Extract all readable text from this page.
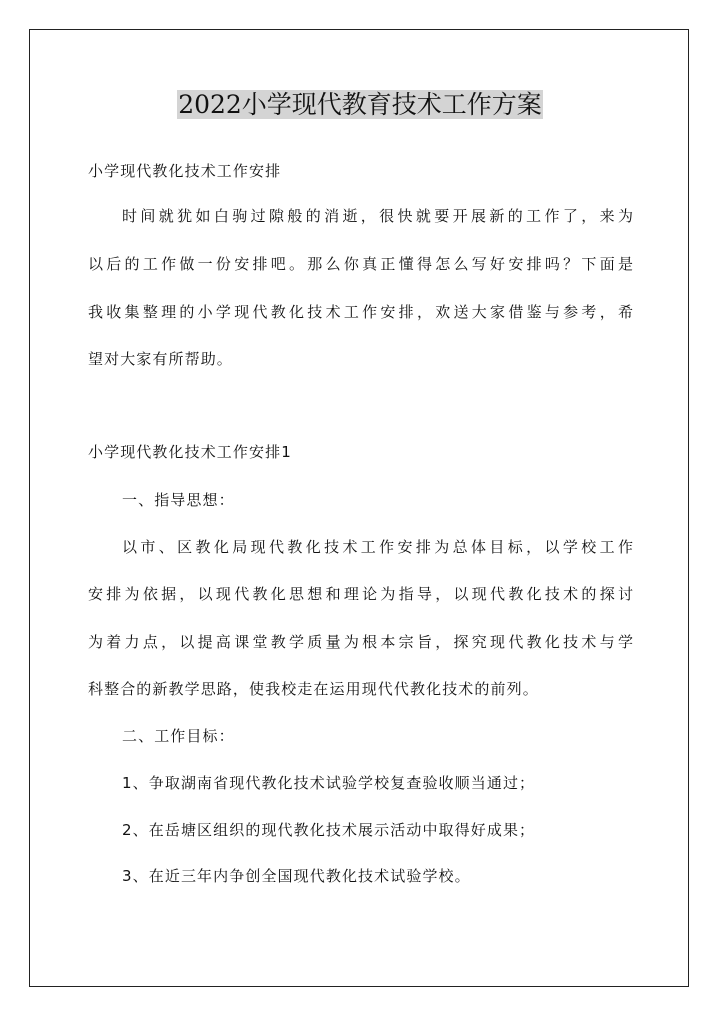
2022小学现代教育技术工作方案
小学现代教化技术工作安排
时间就犹如白驹过隙般的消逝，很快就要开展新的工作了，来为
以后的工作做一份安排吧。那么你真正懂得怎么写好安排吗？下面是
我收集整理的小学现代教化技术工作安排，欢送大家借鉴与参考，希
望对大家有所帮助。
小学现代教化技术工作安排1
一、指导思想：
以市、区教化局现代教化技术工作安排为总体目标，以学校工作
安排为依据，以现代教化思想和理论为指导，以现代教化技术的探讨
为着力点，以提高课堂教学质量为根本宗旨，探究现代教化技术与学
科整合的新教学思路，使我校走在运用现代代教化技术的前列。
二、工作目标：
1、争取湖南省现代教化技术试验学校复查验收顺当通过；
2、在岳塘区组织的现代教化技术展示活动中取得好成果；
3、在近三年内争创全国现代教化技术试验学校。
